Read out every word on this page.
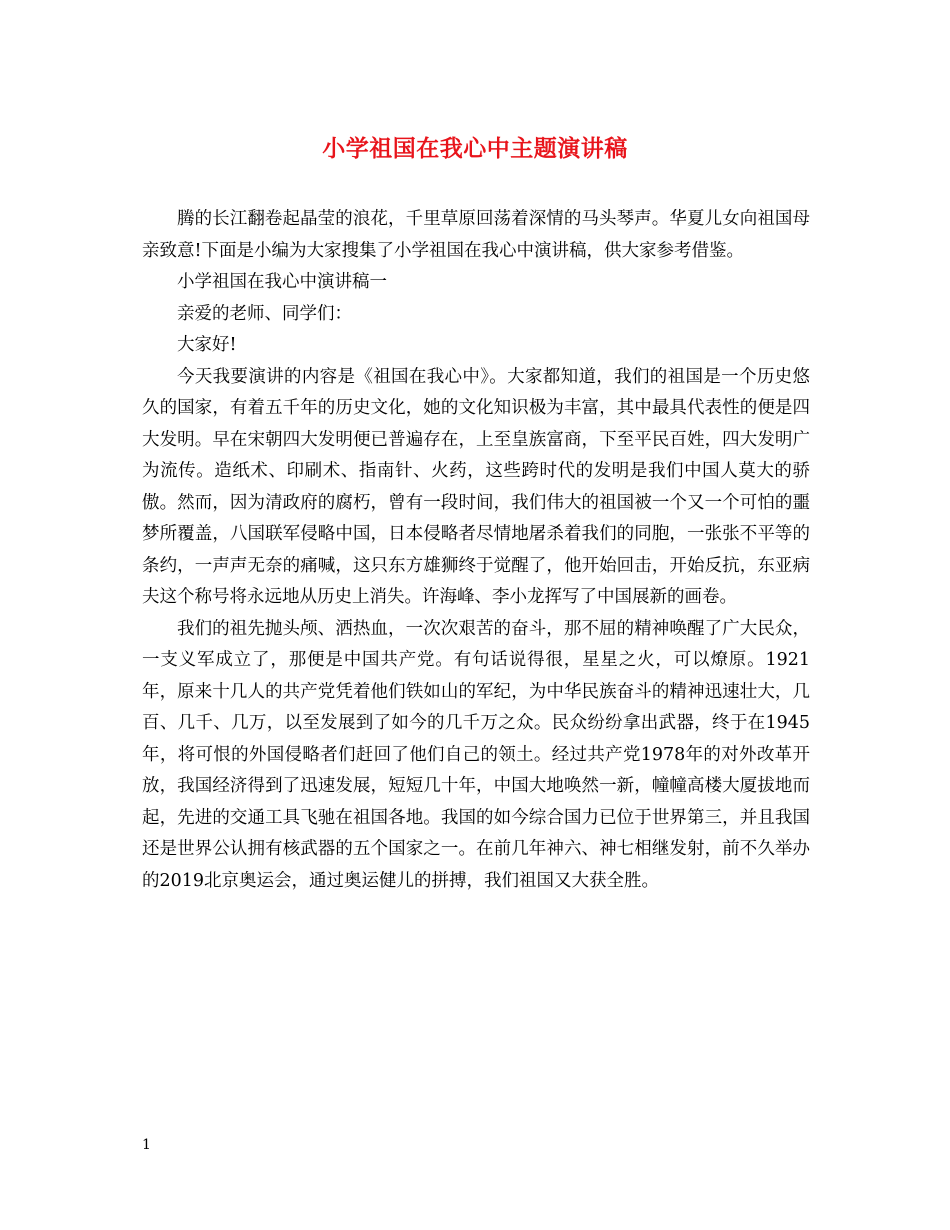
小学祖国在我心中主题演讲稿

腾的长江翻卷起晶莹的浪花，千里草原回荡着深情的马头琴声。华夏儿女向祖国母亲致意!下面是小编为大家搜集了小学祖国在我心中演讲稿，供大家参考借鉴。

小学祖国在我心中演讲稿一

亲爱的老师、同学们：

大家好!

今天我要演讲的内容是《祖国在我心中》。大家都知道，我们的祖国是一个历史悠久的国家，有着五千年的历史文化，她的文化知识极为丰富，其中最具代表性的便是四大发明。早在宋朝四大发明便已普遍存在，上至皇族富商，下至平民百姓，四大发明广为流传。造纸术、印刷术、指南针、火药，这些跨时代的发明是我们中国人莫大的骄傲。然而，因为清政府的腐朽，曾有一段时间，我们伟大的祖国被一个又一个可怕的噩梦所覆盖，八国联军侵略中国，日本侵略者尽情地屠杀着我们的同胞，一张张不平等的条约，一声声无奈的痛喊，这只东方雄狮终于觉醒了，他开始回击，开始反抗，东亚病夫这个称号将永远地从历史上消失。许海峰、李小龙挥写了中国展新的画卷。

我们的祖先抛头颅、洒热血，一次次艰苦的奋斗，那不屈的精神唤醒了广大民众，一支义军成立了，那便是中国共产党。有句话说得很，星星之火，可以燎原。1921年，原来十几人的共产党凭着他们铁如山的军纪，为中华民族奋斗的精神迅速壮大，几百、几千、几万，以至发展到了如今的几千万之众。民众纷纷拿出武器，终于在1945年，将可恨的外国侵略者们赶回了他们自己的领土。经过共产党1978年的对外改革开放，我国经济得到了迅速发展，短短几十年，中国大地唤然一新，幢幢高楼大厦拔地而起，先进的交通工具飞驰在祖国各地。我国的如今综合国力已位于世界第三，并且我国还是世界公认拥有核武器的五个国家之一。在前几年神六、神七相继发射，前不久举办的2019北京奥运会，通过奥运健儿的拼搏，我们祖国又大获全胜。

1
